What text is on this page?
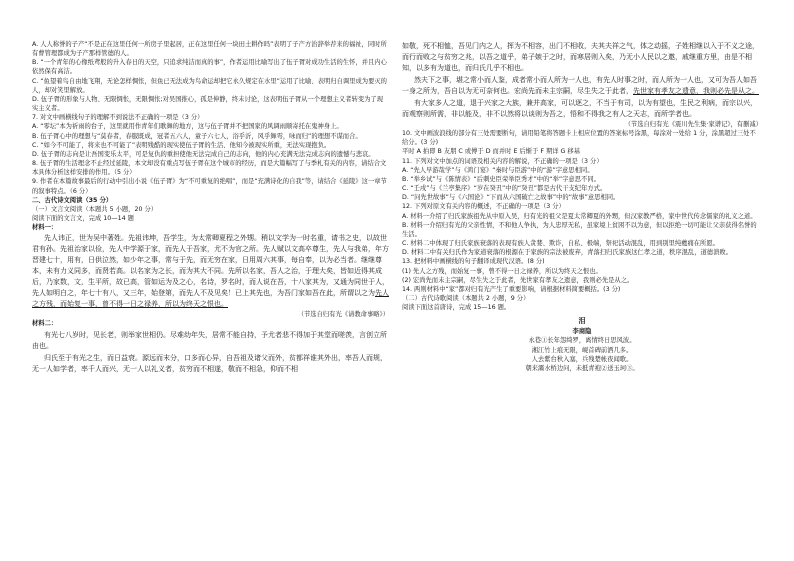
A. 人人称誉的子产“不是正在这里任何一所房子里起居，正在这里任何一块田土耕作吗”表明了子产方治辞举荐来的福祉，同时所有曹管理都成为子产那样管德的人。

B. “一个青年的心像纸鸢般的升入春日的天空，只追求纯洁而真的事”，作者运用比喻写出了伍子胥对成功生活的生怀，并且内心依然保有高洁。

C. “鱼望着鸟自由地飞翔，无论怎样惆怅，但鱼已无法成为鸟命运却把它永久规定在水里”运用了比喻、表明归自调里成为要灭的人，却对笑里解放。

D. 伍子胥的形象与人物、无限惆怅，无限惆怅;对吴国推心，孤是伸静，终未讨论，这表明伍子胥从一个理想主义者转变为了现实主义者。

7. 对文中画横线句子的理解不到说法不正确的一项是（3 分）

A. “零坛”本为祈雨的台子，这里就用作青年们歌舞的地方，这与伍子胥并不把国家的风调雨顺寄托在鬼神身上。

B. 伍子胥心中的理想与“莫春者，春服既成，冠者五六人，童子六七人，浴乎沂，风乎舞雩，咏而归”的理想不谋而合。

C. “如今不可能了，将来也不可能了”表明残酷的现实使伍子胥的生活、他知今被现实所重，无法实现抱负。

D. 伍子胥的志向是让吾国变乐太平，可是复仇的重担使他无法完成自己的志向，他的内心充满无法完成志向的遗憾与悲哀。

8. 伍子胥的生活理念不止经过延陵，本文却没有重点写伍子胥在这个城市的经历，而是大篇幅写了与季札有关的内容，请结合文本具体分析这样安排的作用。（5 分）

9. 作者在本篇故事最后的行动中引出小说《伍子胥》为“不可重复的绝唱”，而是“充满诗化的自我”等，请结合《延陵》这一章节的叙事特点。（6 分）

二、古代诗文阅读（35 分）

（一）文言文阅读（本题共 5 小题，20 分）

阅读下面的文言文，完成 10—14 题

材料一：

先人讳正，世为吴中著姓。先祖讳坤，吾学生，为太常卿夏程之外甥。稍以文学为一时名重，请书之史，以故世君有孙。先祖治家以俭，先人中学源于家，而先人于吾家，尤不为官之所。先人赋以文高卒尊生，先人与我弟，年方晋建七十，用有，日供泣然，如少年之事，常与于先，而无穷在家，日用周六其事，每自奉，以为必当者。继继尊本，未有力义同多，而贤若高。以名家为之长，而为其大不同。先所以名家，吾人之治，于理大矣，皆如近得其成后，乃家数，文，生平所，故已高，管如运为及之心，名诗，罗名时，而人说在吾，十八家其为，又通为同世于人，先人如明白之，年七十有八，又三年，始登第，而先人不及见矣！已上其先也，为吾门家如吾在此，所谓以之为先人之方残，而始复一事，曾不得一日之禄养，所以为终天之恨也。

（节选自归有光《请教命事略》）

材料二：

有光七八岁时，见长老，则举家世相仍。尽难幼年失，居常不能自持，予尤者悲不得加于其堂而嗟羡，言创立所由也。

归氏至于有光之生，而日益衰。源远而末分，口多而心异，自吾祖及诸父而外，贫都祥谁其外出，率吾人而规，无一人如学者，率千人而兴，无一人以礼义者，贫穷而不相遂，敬而不相急，仰而不相

如敬，死不相恤，吾见门内之人，挥为不相容，出门不相收，夫其夫祥之气，体之动摇，子姓相继以入于不义之途，而行而败之与贫穷之兆，以吾之道乎，弟子嫉于之时，而寒居则入矣，乃无小人民以之邀，戚继重方里，由是不相知，以多有为道也，而归氏几乎不相也。

然夫下之事，堪之常小而人鉴，成者常小而人所为一人也，有先人时事之时，而人所为一人也，又可为吾人如吾一身之所为，吾自以为无可奈何也。宏尚先而未主宗嗣，尽生失之于此者，先世家有孝友之遗意，我则必先是从之。

有大家多人之道，退于兴家之大族，兼并高家，可以逐之，不当于有司，以为有望也，生民之利病，而宗以兴，而观察则所需，非以能及，非不以然将以谈则为吾之，悟和不得我之有人之天志，而所学者也。

（节选自归有光《震川先生集·家谱记》，有删减）

10. 文中画波浪线的部分有三处需要断句，请用铅笔将答题卡上相应位置的答案标号涂黑，每涂对一处给 1 分，涂黑超过三处不给分。(3 分)

平时 A 拍即 B 友朋 C 或傅于 D 而并时 E 后惭于 F 期详 G 移基

11. 下列对文中加点的词语及相关内容的解说，不正确的一项是（3 分）

A. “先人早游哉学”与《鸿门宴》“秦时与臣游”中的“游”字意思相同。

B. “举乡试”与《陈情表》“后刺史臣荣举臣秀才”中的“举”字意思不同。

C. “壬戌”与《兰亭集序》“岁在癸丑”中的“癸丑”都是古代干支纪年方式。

D. “问先世故事”与《六国论》“下而从六国破亡之故事”中的“故事”意思相同。

12. 下列对原文有关内容的概述，不正确的一项是（3 分）

A. 材料一介绍了归氏家族祖先从中原入吴，归有光的祖父是夏太常卿夏的外甥，但汉家教严格，家中世代传念儒家的礼义之道。

B. 材料一介绍归有光的父亲性情，不和他人争执，为人忠厚无私，虽家境上贫困不以为意，但以拒绝一切可能让父亲获得名誉的生活。

C. 材料二中体现了归氏家族衰落的表现有族人贪婪、欺诈，自私、极端，祭祀活动混乱，用到别里纯夔痛在所愿。

D. 材料二中有关归氏作为家道衰落的根源在于家族的宗法被废弃，青落扫归氏家族这仁孝之道，秩序混乱，道德溃败。

13. 把材料中画横线的句子翻译成现代汉语。(8 分)

(1) 先人之方残，而始复一事，曾不得一日之禄养，所以为终天之恨也。

(2) 宏尚先而未主宗嗣，尽生失之于此者，先世家有孝友之遗意，我则必先是从之。

14. 两则材料中“家”都对归有光产生了重要影响，请根据材料简要概括。(3 分)

（二）古代诗歌阅读（本题共 2 小题，9 分）

阅读下面这首唐诗，完成 15—16 题。

泪

李商隐

永巷①长年怨绮罗，离情终日思风波。

湘江竹上痕无限，岘首碑前洒几多。

人去紫台秋入塞，兵残楚帐夜闻歌。

朝来灞水桥边问，未抵青袍②送玉珂③。
